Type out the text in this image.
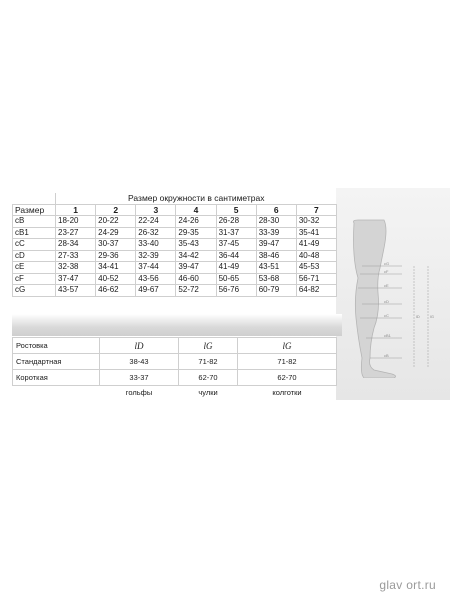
	Размер окружности в сантиметрах						
Размер	1	2	3	4	5	6	7
cB	18-20	20-22	22-24	24-26	26-28	28-30	30-32
cB1	23-27	24-29	26-32	29-35	31-37	33-39	35-41
cC	28-34	30-37	33-40	35-43	37-45	39-47	41-49
cD	27-33	29-36	32-39	34-42	36-44	38-46	40-48
cE	32-38	34-41	37-44	39-47	41-49	43-51	45-53
cF	37-47	40-52	43-56	46-60	50-65	53-68	56-71
cG	43-57	46-62	49-67	52-72	56-76	60-79	64-82
Ростовка	lD	lG	lG
Стандартная	38-43	71-82	71-82
Короткая	33-37	62-70	62-70
	гольфы	чулки	колготки
cG
cF
cE
cD
cC
cB1
cB
lD	lG
glav ort.ru
